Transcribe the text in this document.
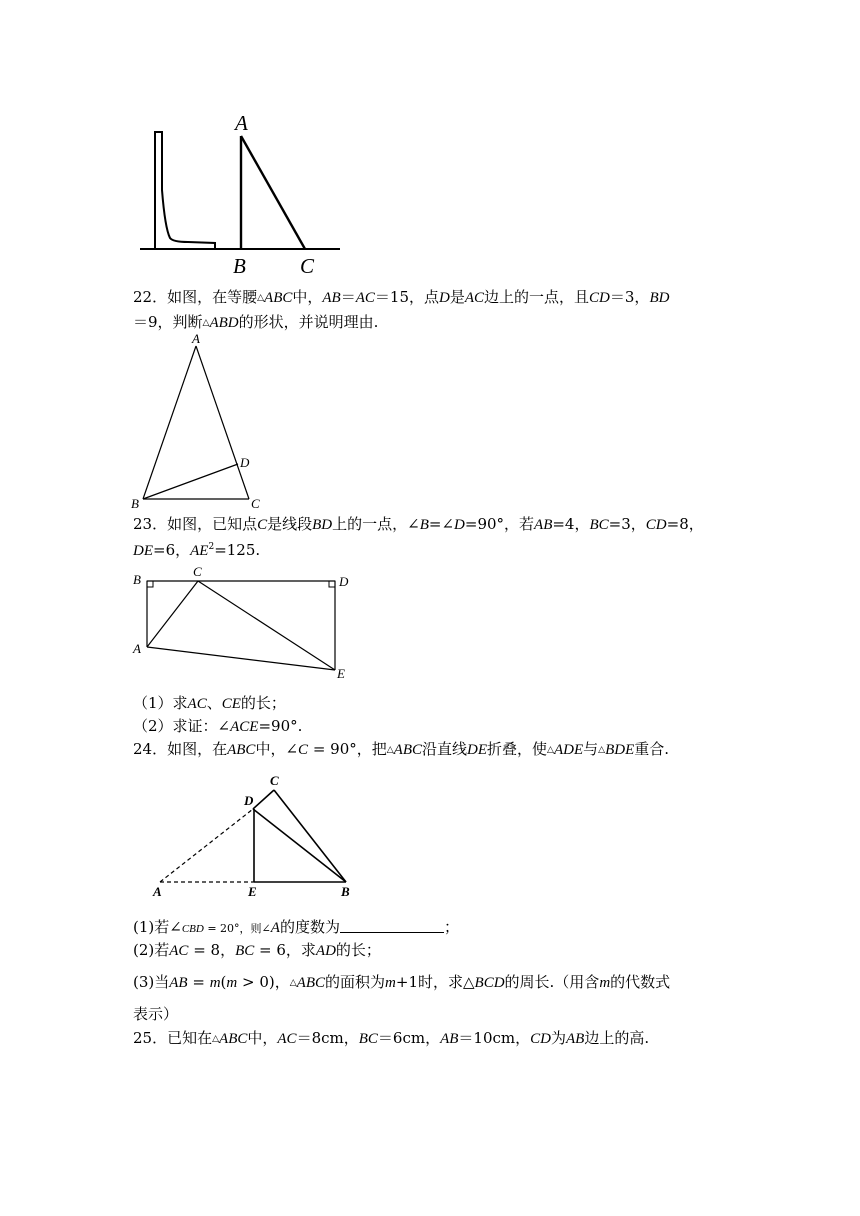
A
B	C
22．如图，在等腰△ABC中，AB＝AC＝15，点D是AC边上的一点，且CD＝3，BD
＝9，判断△ABD的形状，并说明理由.
A
B	C
D
23．如图，已知点C是线段BD上的一点，∠B=∠D=90°，若AB=4，BC=3，CD=8，
DE=6，$AE^2=125$.
B
C
D
A
E
（1）求AC、CE的长；
（2）求证：∠ACE=90°.
24．如图，在ABC中，∠C = 90°，把△ABC沿直线DE折叠，使△ADE与△BDE重合.
A	E	B
C
D
(1)若∠CBD = 20°，则∠A的度数为	；
(2)若AC = 8，BC = 6，求AD的长；
(3)当AB = m(m > 0)，△ABC的面积为m+1时，求△BCD的周长.（用含m的代数式
表示）
25．已知在△ABC中，AC＝8cm，BC＝6cm，AB＝10cm，CD为AB边上的高.
